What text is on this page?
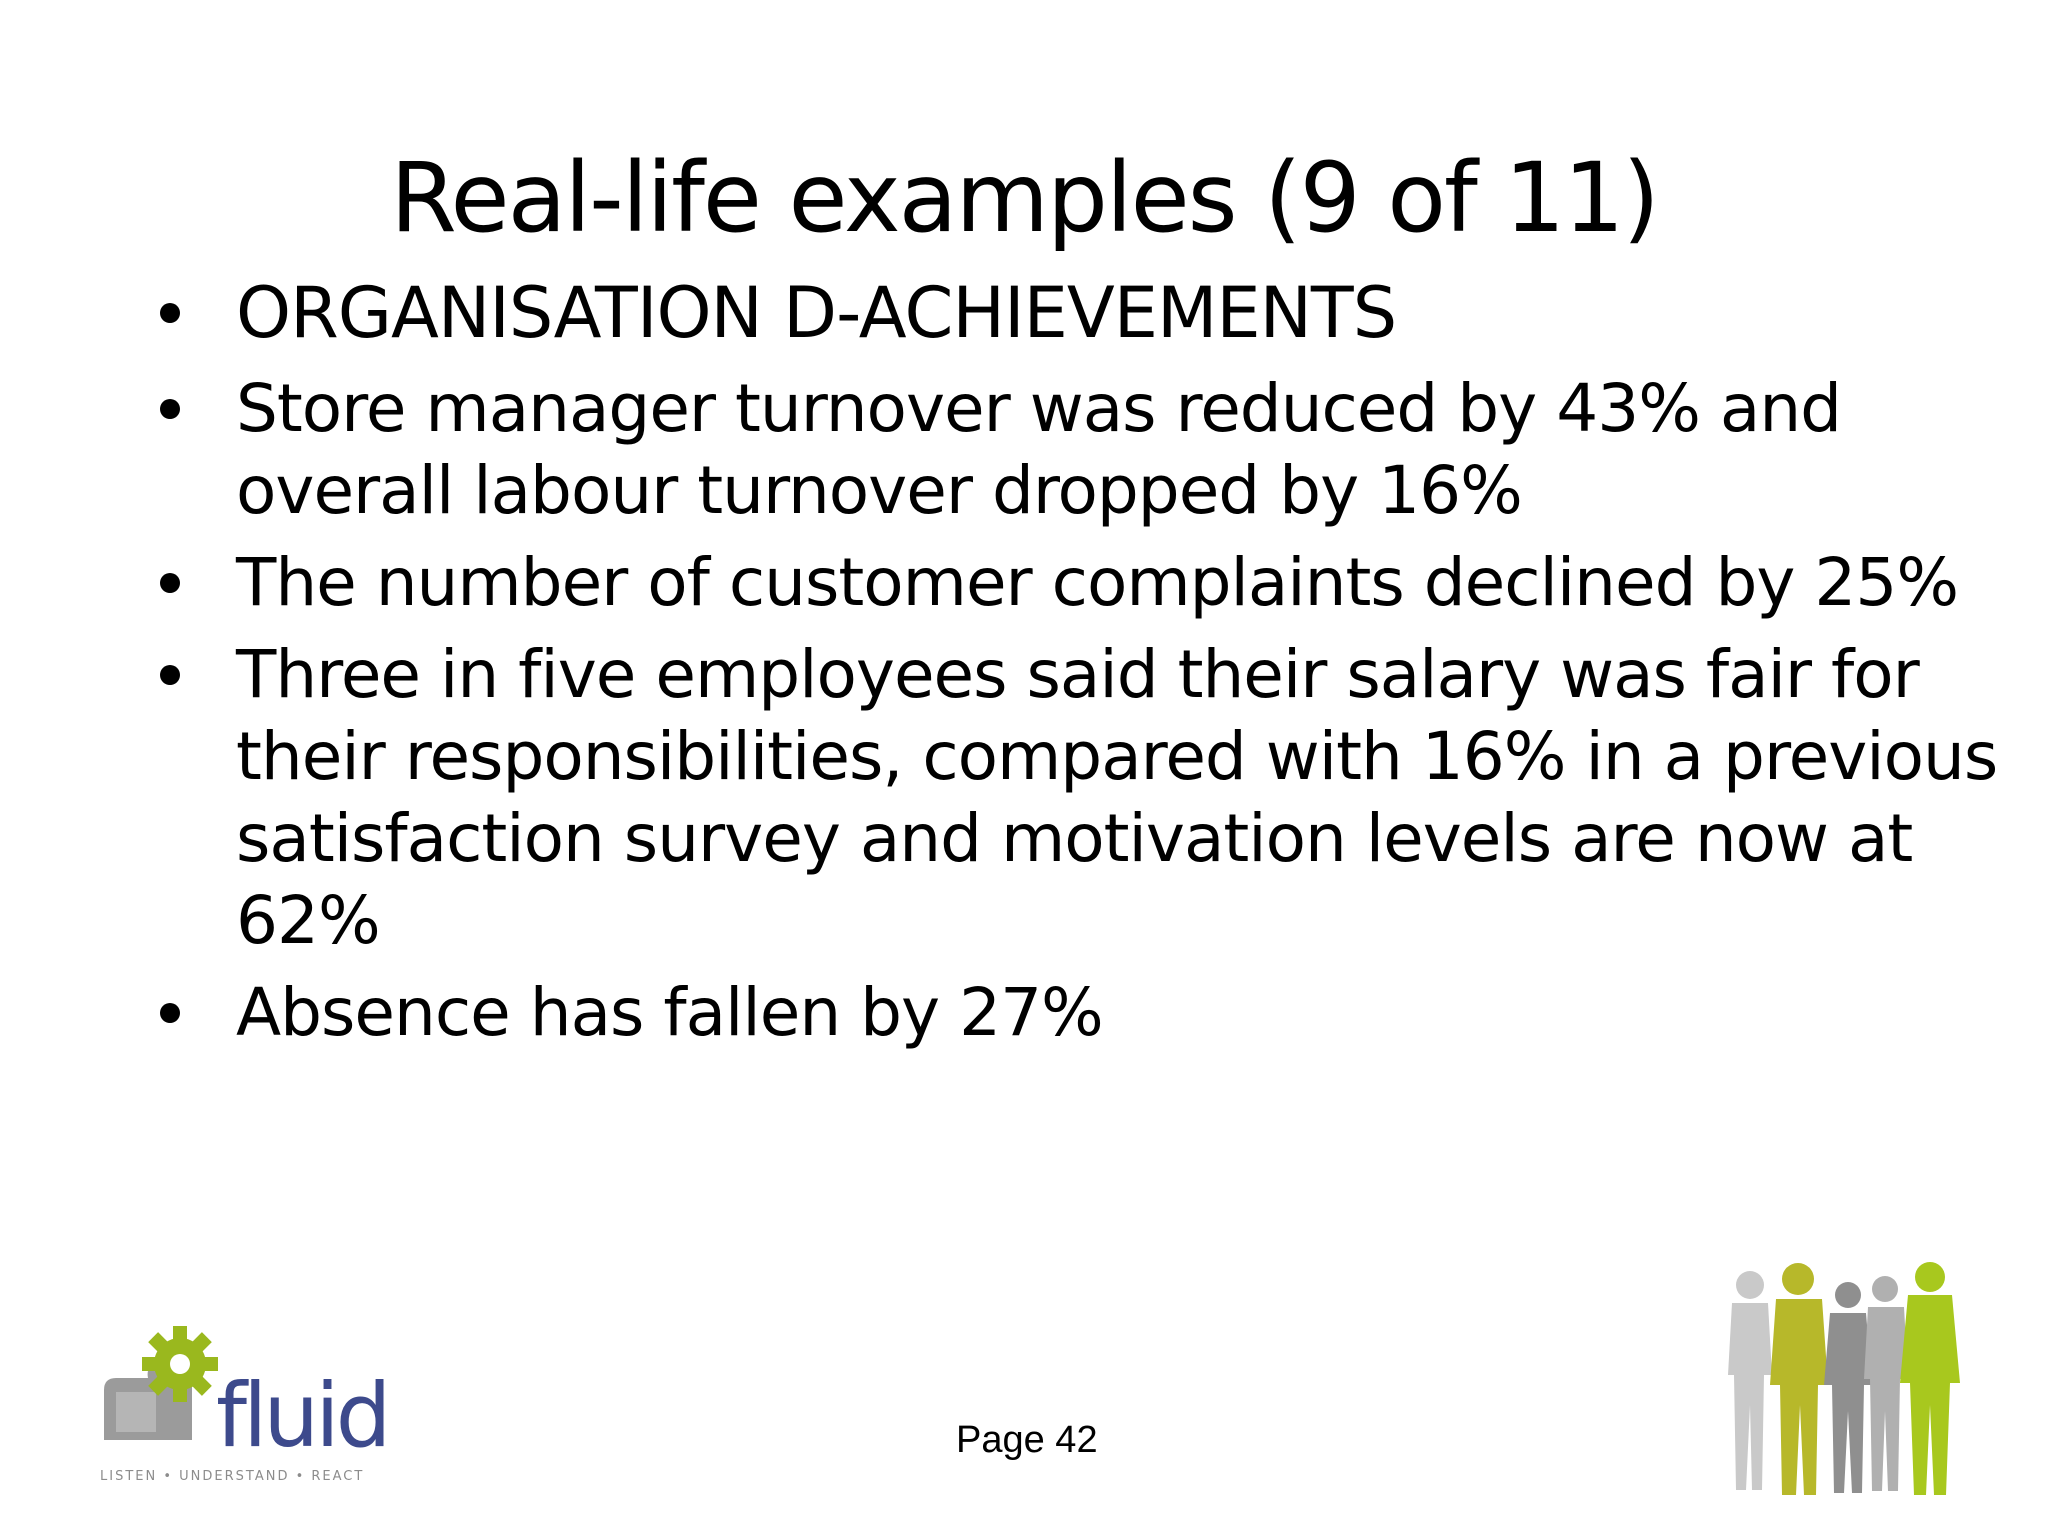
Real-life examples (9 of 11)
ORGANISATION D-ACHIEVEMENTS
Store manager turnover was reduced by 43% and
overall labour turnover dropped by 16%
The number of customer complaints declined by 25%
Three in five employees said their salary was fair for
their responsibilities, compared with 16% in a previous
satisfaction survey and motivation levels are now at 62%
Absence has fallen by 27%
fluid
LISTEN • UNDERSTAND • REACT
Page 42
